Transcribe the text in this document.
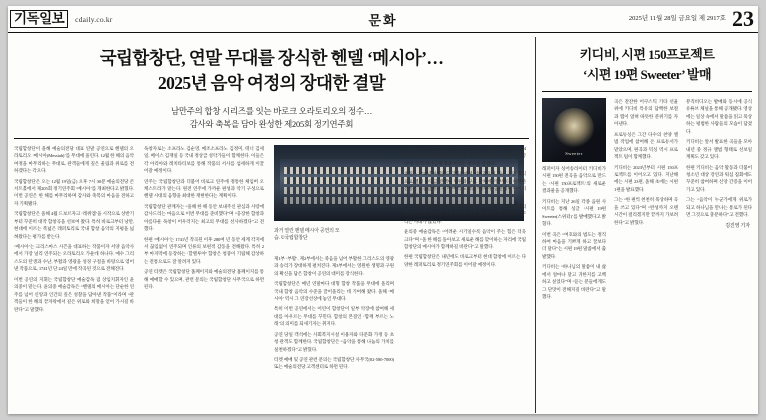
기독일보	cdaily.co.kr	문화	2025년 11월 28일 금요일 제 2917호 23
국립합창단, 연말 무대를 장식한 헨델 ‘메시아’…
2025년 음악 여정의 장대한 결말
남만주의 합창 시리즈를 잇는 바로크 오라토리오의 정수…
감사와 축복을 담아 완성한 제205회 정기연주회
과거 열린 헨델 메시아 공연의 모습. ©국립합창단

국립합창단이 올해 예술의전당 대표 연말 공연으로 헨델의 오라토리오 ‘메시아(Messiah)’를 무대에 올린다. 12월 한 해의 음악 여정을 마무리하는 무대로, 관객들에게 깊은 울림과 위로를 전하겠다는 각오다.

국립합창단은 오는 12월 19일(금) 오후 7시 30분 예술의전당 콘서트홀에서 제205회 정기연주회 ‘메시아’를 개최한다고 밝혔다. 이번 공연은 한 해를 마무리하며 감사와 축복의 마음을 전하고자 기획됐다.

국립합창단은 올해 4월 드보르자크 ‘레퀴엠’을 시작으로 상반기부터 꾸준히 대작 합창곡을 선보여 왔다. 특히 바로크부터 낭만, 현대에 이르는 폭넓은 레퍼토리로 국내 합창 음악의 지평을 넓혀왔다는 평가를 받는다.

‘메시아’는 크리스마스 시즌을 대표하는 작품이자 서양 음악사에서 가장 널리 연주되는 오라토리오 가운데 하나다. 예수 그리스도의 탄생과 수난, 부활과 영광을 성경 구절을 바탕으로 엮어낸 작품으로, 1741년 단 24일 만에 작곡된 것으로 전해진다.

이번 공연의 지휘는 국립합창단 예술감독 겸 상임지휘자인 윤의중이 맡는다. 윤의중 예술감독은 “헨델의 메시아는 단순한 연주를 넘어 신앙과 인간의 깊은 성찰을 담아낸 작품”이라며 “관객들이 한 해의 끝자락에서 깊은 위로와 희망을 얻어 가시길 바란다”고 말했다.

독창자로는 소프라노 김순영, 메조소프라노 김정미, 테너 김세일, 베이스 김재일 등 국내 정상급 성악가들이 함께한다. 이들은 각 아리아와 레치타티보를 통해 작품의 서사를 섬세하게 이끌어갈 예정이다.

연주는 국립합창단과 더불어 바로크 연주에 정통한 체임버 오케스트라가 맡는다. 원전 연주에 가까운 편성과 악기 구성으로 헨델 시대의 음향을 최대한 재현한다는 계획이다.

국립합창단 관계자는 “올해 한 해 동안 보내주신 관심과 사랑에 감사드리는 마음으로 이번 무대를 준비했다”며 “웅장한 합창과 아름다운 독창이 어우러지는 최고의 무대를 선사하겠다”고 전했다.

한편 ‘메시아’는 1741년 작곡된 이후 280여 년 동안 세계 각지에서 끊임없이 연주되며 인류의 보편적 감동을 전해왔다. 특히 2부 마지막에 등장하는 ‘할렐루야’ 합창은 청중이 기립해 감상하는 전통으로도 잘 알려져 있다.

공연 티켓은 국립합창단 홈페이지와 예술의전당 홈페이지를 통해 예매할 수 있으며, 관련 문의는 국립합창단 사무국으로 하면 된다.

제1부 ‘부활’, 제2부에서는 죽음을 넘어 부활한 그리스도의 영광과 승리가 장대하게 펼쳐진다. 제3부에서는 영원한 생명과 구원의 확신을 담은 합창이 공연의 대미를 장식한다.

국립합창단은 매년 연말마다 대형 합창 작품을 무대에 올리며 국내 합창 음악의 수준을 끌어올리는 데 기여해 왔다. 올해 ‘메시아’ 역시 그 연장선상에 놓인 무대다.

특히 이번 공연에서는 어린이 합창단이 일부 악장에 참여해 세대를 아우르는 무대를 꾸민다. 합창의 본질인 ‘함께 부르는 노래’의 의미를 되새기자는 취지다.

공연 당일 객석에는 사회복지시설 이용자와 다문화 가정 등 초청 관객도 함께한다. 국립합창단은 “음악을 통해 나눔의 가치를 실천하겠다”고 밝혔다.

티켓 예매 및 공연 관련 문의는 국립합창단 사무국(02-580-7000) 또는 예술의전당 고객센터로 하면 된다.

‘메시아’는 헨델이 인생에서 가장 어려운 시기를 보내던 중 단 24일 만에 완성한 작품으로 알려져 있다. 작곡가는 악보의 마지막 장에 ‘오직 하나님께 영광’이라는 문구를 남겼다.

초연은 1742년 아일랜드 더블린에서 이뤄졌으며, 자선 공연 형식으로 열려 수익금 전액이 병원과 구호 단체에 기부됐다. 이러한 전통은 오늘날까지 세계 여러 도시의 ‘메시아’ 공연에서 이어지고 있다.

국내에서는 1940년대부터 연말 ‘메시아’ 공연이 시작돼 하나의 문화로 자리 잡았다. 특히 교회와 전문 합창단이 함께 무대를 꾸리는 사례가 많았다.

윤의중 예술감독은 “어려운 시기일수록 음악이 주는 힘은 더욱 크다”며 “올 한 해를 돌아보고 새로운 해를 맞이하는 자리에 국립합창단의 메시아가 함께하길 바란다”고 말했다.

한편 국립합창단은 내년에도 바로크부터 현대 합창에 이르는 다양한 레퍼토리로 정기연주회를 이어갈 예정이다.

키디비, 시편 150프로젝트
‘시편 19편 Sweeter’ 발매
Sweeter

래퍼이자 싱어송라이터 키디비가 시편 150편 전곡을 음악으로 만드는 ‘시편 150프로젝트’의 새로운 결과물을 공개했다.

키디비는 지난 26일 각종 음원 사이트를 통해 싱글 ‘시편 19편 Sweeter(스위터)’를 발매했다고 밝혔다.

이번 곡은 “여호와의 법도는 정직하여 마음을 기쁘게 하고 꿀보다 더 달다”는 시편 19편 말씀에서 출발했다.

키디비는 “하나님의 말씀이 내 삶에서 얼마나 달고 귀한지를 고백하고 싶었다”며 “듣는 분들에게도 그 단맛이 전해지길 바란다”고 말했다.

곡은 잔잔한 어쿠스틱 기타 선율 위에 키디비 특유의 담백한 보컬과 랩이 얹혀 따뜻한 분위기를 자아낸다.

프로듀싱은 그간 다수의 찬양 앨범 작업에 참여해 온 프로듀서가 맡았으며, 편곡과 믹싱 역시 프로젝트 팀이 함께했다.

키디비는 2023년부터 시편 150프로젝트를 이어오고 있다. 지난해에는 시편 23편, 올해 초에는 시편 1편을 발표했다.

그는 “한 편씩 천천히 묵상하며 곡을 쓰고 있다”며 “완성까지 오랜 시간이 걸리겠지만 끝까지 가보려 한다”고 밝혔다.

뮤직비디오는 발매와 동시에 공식 유튜브 채널을 통해 공개됐다. 영상에는 일상 속에서 말씀을 읽고 묵상하는 평범한 사람들의 모습이 담겼다.

키디비는 앞서 발표한 곡들을 모아 내년 중 정규 앨범 형태로 선보일 계획도 갖고 있다.

한편 키디비는 음악 활동과 더불어 청소년 대상 강연과 워십 집회에도 꾸준히 참여하며 신앙 간증을 이어가고 있다.

그는 “음악이 누군가에게 위로가 되고 하나님을 만나는 통로가 된다면 그것으로 충분하다”고 전했다.

김진영 기자
